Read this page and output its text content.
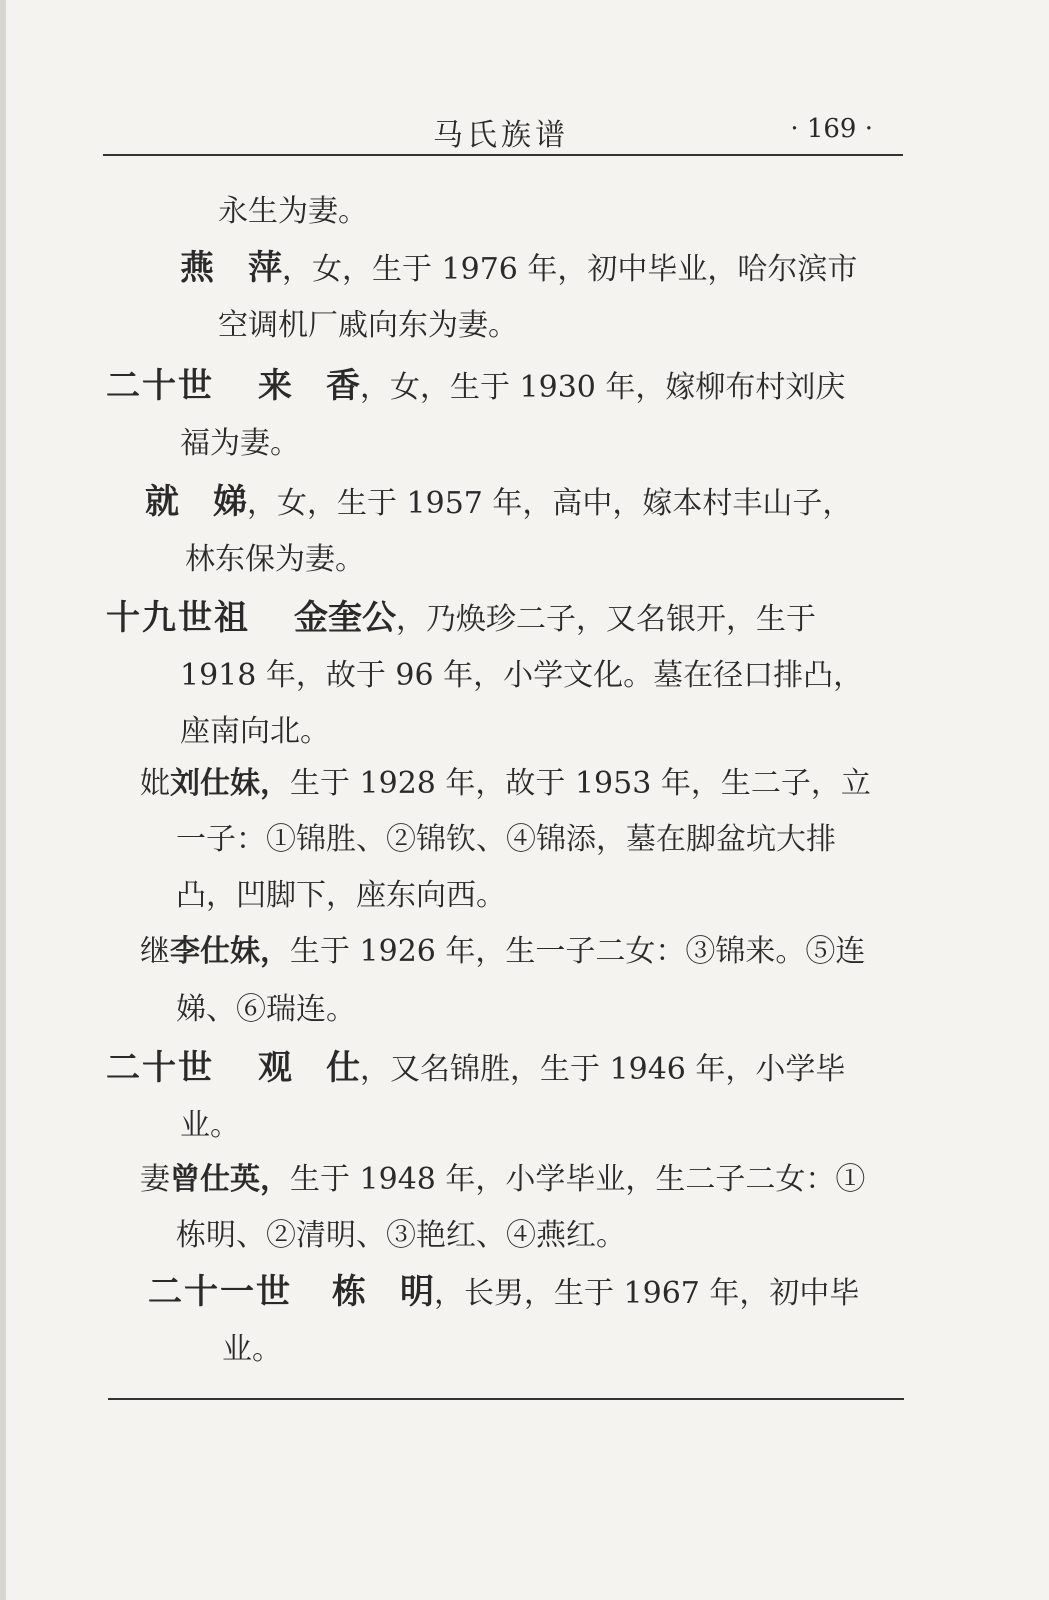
马氏族谱	· 169 ·
永生为妻。
燕　萍，女，生于 1976 年，初中毕业，哈尔滨市
空调机厂戚向东为妻。
二十世 来　香，女，生于 1930 年，嫁柳布村刘庆
福为妻。
就　娣，女，生于 1957 年，高中，嫁本村丰山子，
林东保为妻。
十九世祖 金奎公，乃焕珍二子，又名银开，生于
1918 年，故于 96 年，小学文化。墓在径口排凸，
座南向北。
妣刘仕妹，生于 1928 年，故于 1953 年，生二子，立
一子：①锦胜、②锦钦、④锦添，墓在脚盆坑大排
凸，凹脚下，座东向西。
继李仕妹，生于 1926 年，生一子二女：③锦来。⑤连
娣、⑥瑞连。
二十世 观　仕，又名锦胜，生于 1946 年，小学毕
业。
妻曾仕英，生于 1948 年，小学毕业，生二子二女：①
栋明、②清明、③艳红、④燕红。
二十一世 栋　明，长男，生于 1967 年，初中毕
业。
